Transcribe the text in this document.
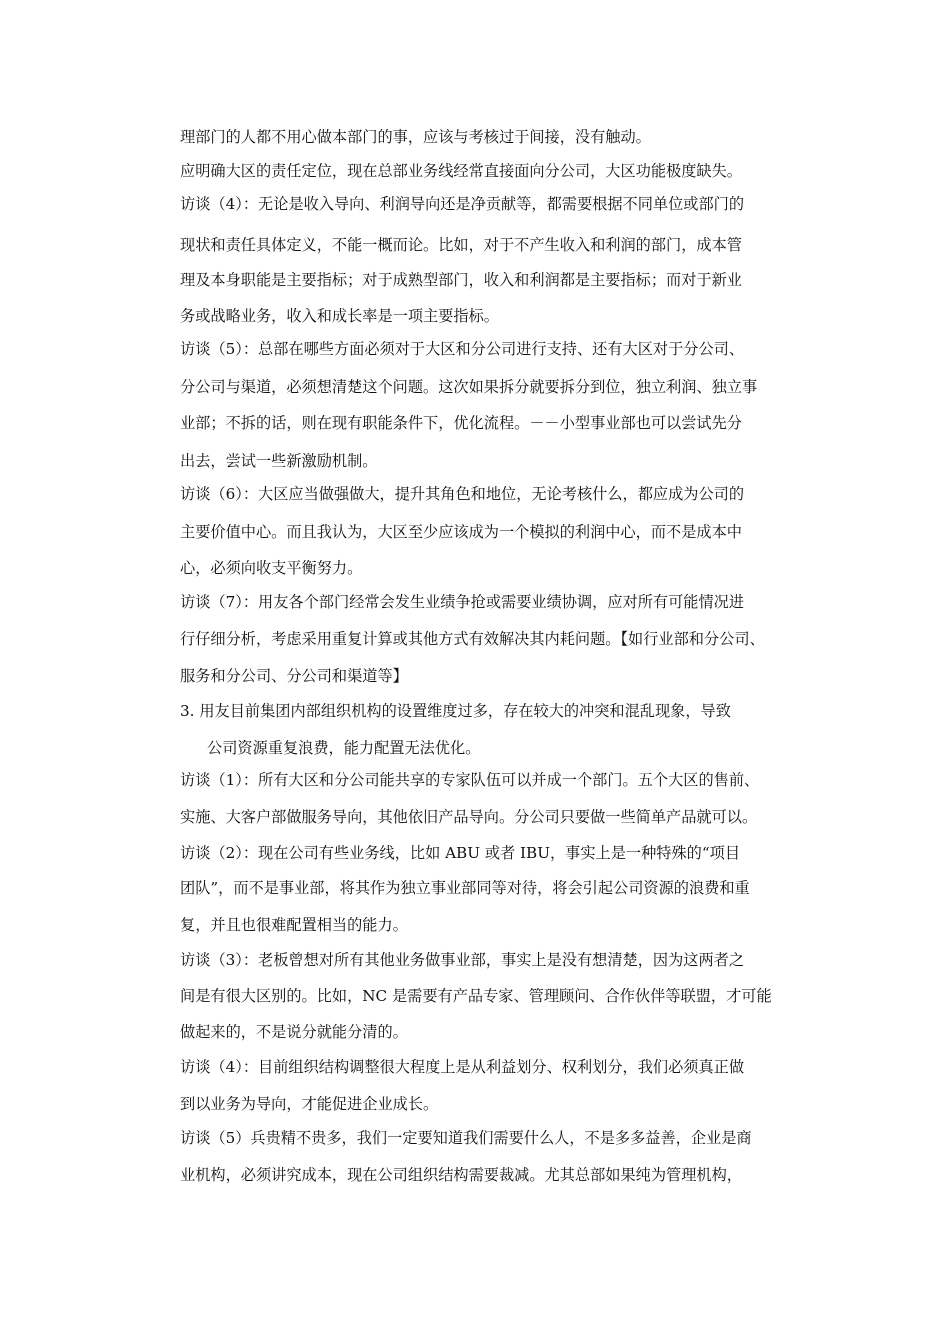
理部门的人都不用心做本部门的事，应该与考核过于间接，没有触动。
应明确大区的责任定位，现在总部业务线经常直接面向分公司，大区功能极度缺失。
访谈（4）：无论是收入导向、利润导向还是净贡献等，都需要根据不同单位或部门的
现状和责任具体定义，不能一概而论。比如，对于不产生收入和利润的部门，成本管
理及本身职能是主要指标；对于成熟型部门，收入和利润都是主要指标；而对于新业
务或战略业务，收入和成长率是一项主要指标。
访谈（5）：总部在哪些方面必须对于大区和分公司进行支持、还有大区对于分公司、
分公司与渠道，必须想清楚这个问题。这次如果拆分就要拆分到位，独立利润、独立事
业部；不拆的话，则在现有职能条件下，优化流程。－－小型事业部也可以尝试先分
出去，尝试一些新激励机制。
访谈（6）：大区应当做强做大，提升其角色和地位，无论考核什么，都应成为公司的
主要价值中心。而且我认为，大区至少应该成为一个模拟的利润中心，而不是成本中
心，必须向收支平衡努力。
访谈（7）：用友各个部门经常会发生业绩争抢或需要业绩协调，应对所有可能情况进
行仔细分析，考虑采用重复计算或其他方式有效解决其内耗问题。【如行业部和分公司、
服务和分公司、分公司和渠道等】
3. 用友目前集团内部组织机构的设置维度过多，存在较大的冲突和混乱现象，导致
公司资源重复浪费，能力配置无法优化。
访谈（1）：所有大区和分公司能共享的专家队伍可以并成一个部门。五个大区的售前、
实施、大客户部做服务导向，其他依旧产品导向。分公司只要做一些简单产品就可以。
访谈（2）：现在公司有些业务线，比如 ABU 或者 IBU，事实上是一种特殊的“项目
团队”，而不是事业部，将其作为独立事业部同等对待，将会引起公司资源的浪费和重
复，并且也很难配置相当的能力。
访谈（3）：老板曾想对所有其他业务做事业部，事实上是没有想清楚，因为这两者之
间是有很大区别的。比如，NC 是需要有产品专家、管理顾问、合作伙伴等联盟，才可能
做起来的，不是说分就能分清的。
访谈（4）：目前组织结构调整很大程度上是从利益划分、权利划分，我们必须真正做
到以业务为导向，才能促进企业成长。
访谈（5）兵贵精不贵多，我们一定要知道我们需要什么人，不是多多益善，企业是商
业机构，必须讲究成本，现在公司组织结构需要裁减。尤其总部如果纯为管理机构，
